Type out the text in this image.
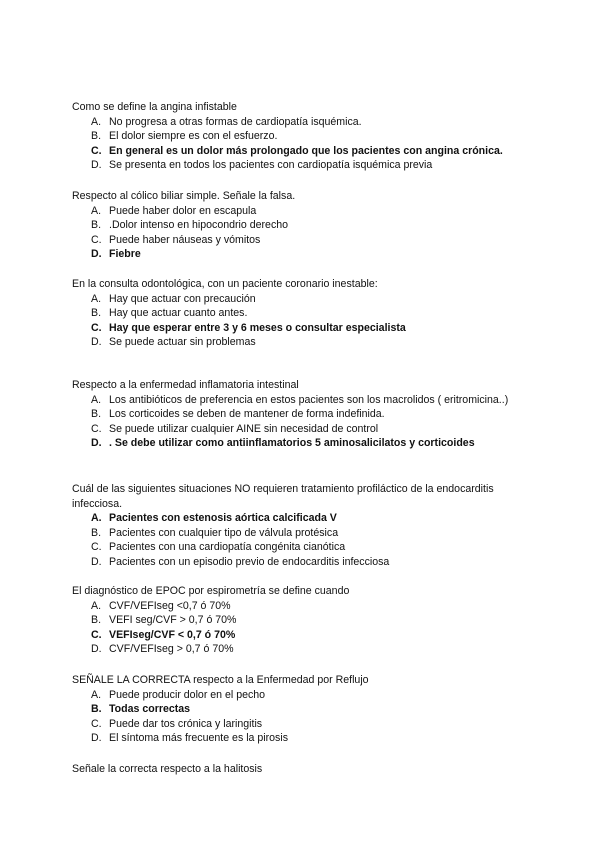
Como se define la angina infistable

A. No progresa a otras formas de cardiopatía isquémica.
B. El dolor siempre es con el esfuerzo.
C. En general es un dolor más prolongado que los pacientes con angina crónica.
D. Se presenta en todos los pacientes con cardiopatía isquémica previa

Respecto al cólico biliar simple. Señale la falsa.

A. Puede haber dolor en escapula
B. .Dolor intenso en hipocondrio derecho
C. Puede haber náuseas y vómitos
D. Fiebre

En la consulta odontológica, con un paciente coronario inestable:

A. Hay que actuar con precaución
B. Hay que actuar cuanto antes.
C. Hay que esperar entre 3 y 6 meses o consultar especialista
D. Se puede actuar sin problemas

Respecto a la enfermedad inflamatoria intestinal

A. Los antibióticos de preferencia en estos pacientes son los macrolidos ( eritromicina..)
B. Los corticoides se deben de mantener de forma indefinida.
C. Se puede utilizar cualquier AINE sin necesidad de control
D. . Se debe utilizar como antiinflamatorios 5 aminosalicilatos y corticoides

Cuál de las siguientes situaciones NO requieren tratamiento profiláctico de la endocarditis infecciosa.

A. Pacientes con estenosis aórtica calcificada V
B. Pacientes con cualquier tipo de válvula protésica
C. Pacientes con una cardiopatía congénita cianótica
D. Pacientes con un episodio previo de endocarditis infecciosa

El diagnóstico de EPOC por espirometría se define cuando

A. CVF/VEFIseg <0,7 ó 70%
B. VEFI seg/CVF > 0,7 ó 70%
C. VEFIseg/CVF < 0,7 ó 70%
D. CVF/VEFIseg > 0,7 ó 70%

SEÑALE LA CORRECTA respecto a la Enfermedad por Reflujo

A. Puede producir dolor en el pecho
B. Todas correctas
C. Puede dar tos crónica y laringitis
D. El síntoma más frecuente es la pirosis

Señale la correcta respecto a la halitosis
